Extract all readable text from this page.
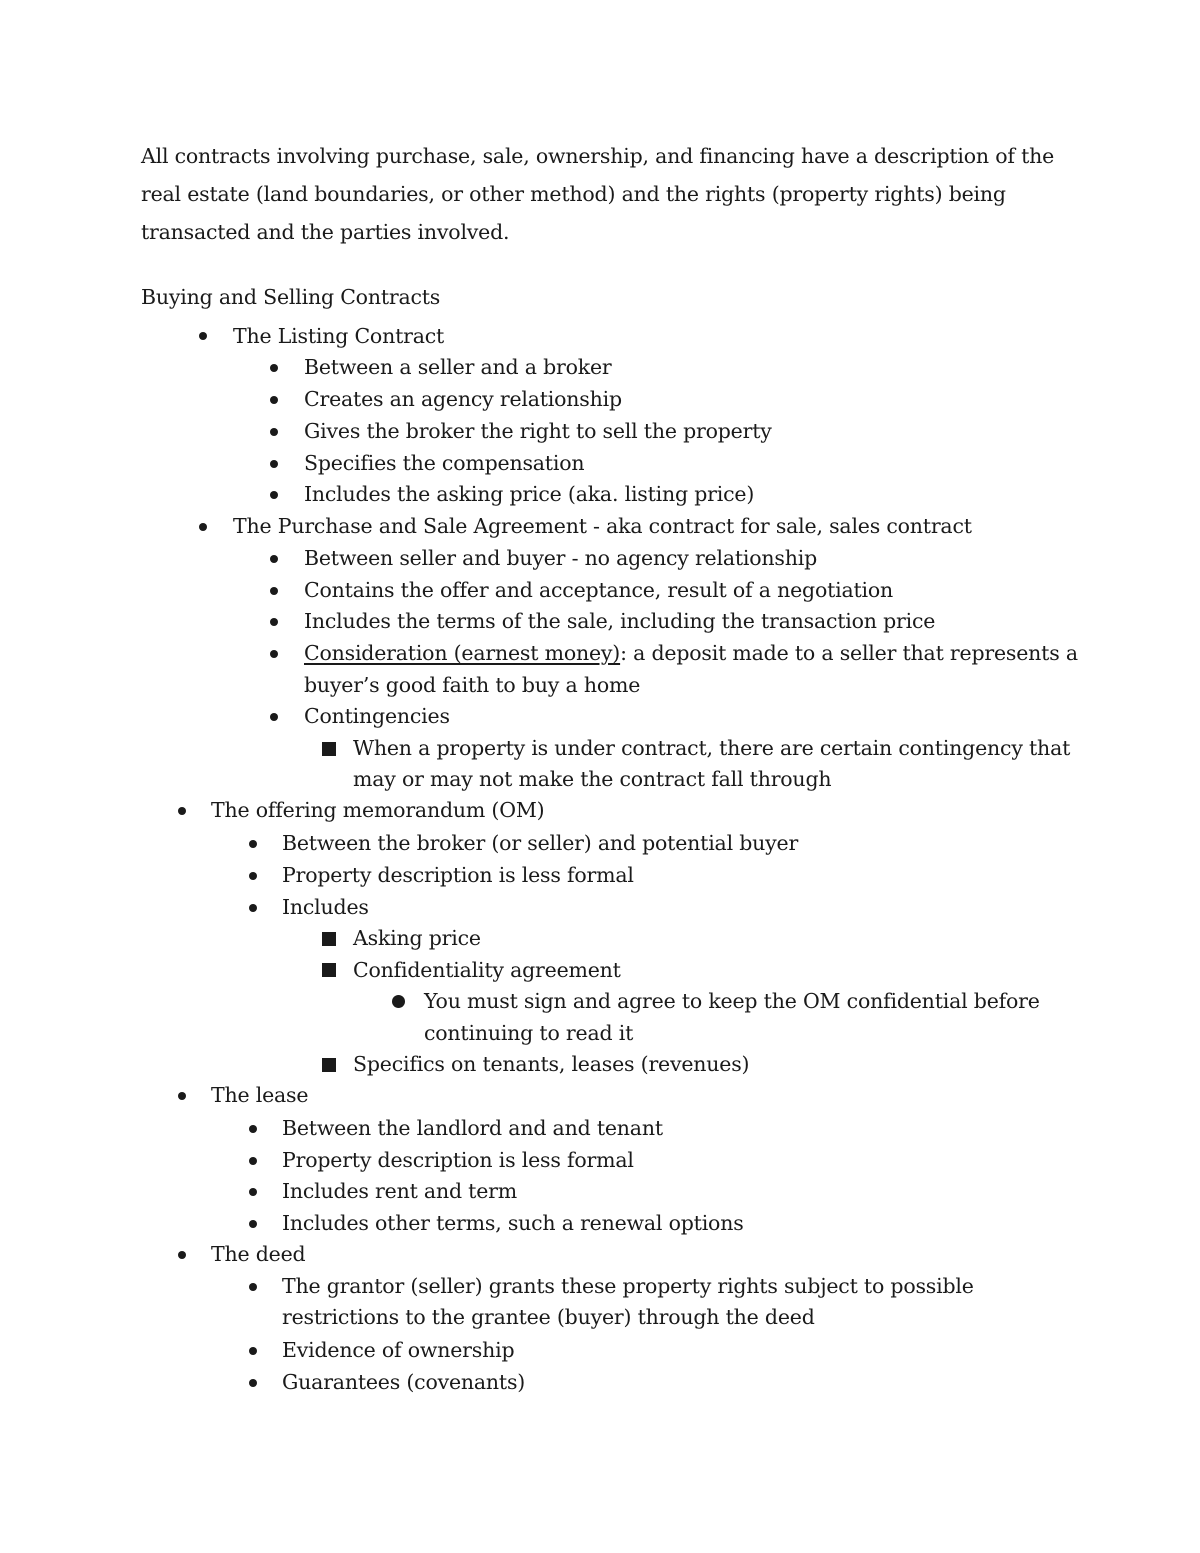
All contracts involving purchase, sale, ownership, and financing have a description of the real estate (land boundaries, or other method) and the rights (property rights) being transacted and the parties involved.
Buying and Selling Contracts
The Listing Contract
Between a seller and a broker
Creates an agency relationship
Gives the broker the right to sell the property
Specifies the compensation
Includes the asking price (aka. listing price)
The Purchase and Sale Agreement - aka contract for sale, sales contract
Between seller and buyer - no agency relationship
Contains the offer and acceptance, result of a negotiation
Includes the terms of the sale, including the transaction price
Consideration (earnest money): a deposit made to a seller that represents a
buyer’s good faith to buy a home
Contingencies
When a property is under contract, there are certain contingency that
may or may not make the contract fall through
The offering memorandum (OM)
Between the broker (or seller) and potential buyer
Property description is less formal
Includes
Asking price
Confidentiality agreement
You must sign and agree to keep the OM confidential before
continuing to read it
Specifics on tenants, leases (revenues)
The lease
Between the landlord and and tenant
Property description is less formal
Includes rent and term
Includes other terms, such a renewal options
The deed
The grantor (seller) grants these property rights subject to possible
restrictions to the grantee (buyer) through the deed
Evidence of ownership
Guarantees (covenants)
